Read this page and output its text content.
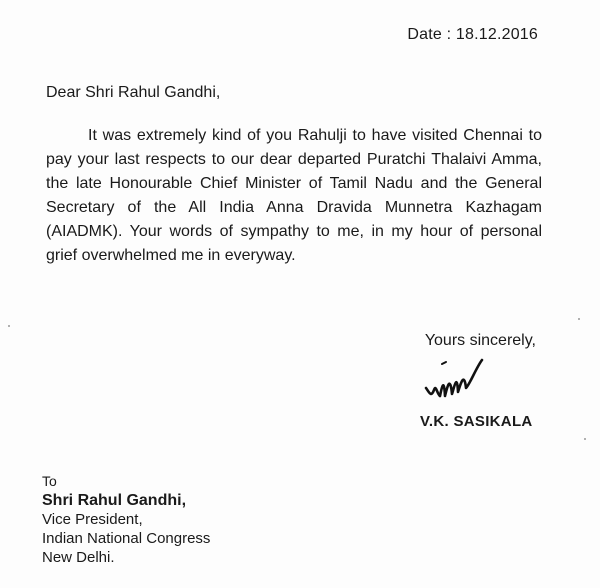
Date : 18.12.2016
Dear Shri Rahul Gandhi,

It was extremely kind of you Rahulji to have visited Chennai to pay your last respects to our dear departed Puratchi Thalaivi Amma, the late Honourable Chief Minister of Tamil Nadu and the General Secretary of the All India Anna Dravida Munnetra Kazhagam (AIADMK). Your words of sympathy to me, in my hour of personal grief overwhelmed me in everyway.

Yours sincerely,
V.K. SASIKALA
To
Shri Rahul Gandhi,
Vice President,
Indian National Congress
New Delhi.
